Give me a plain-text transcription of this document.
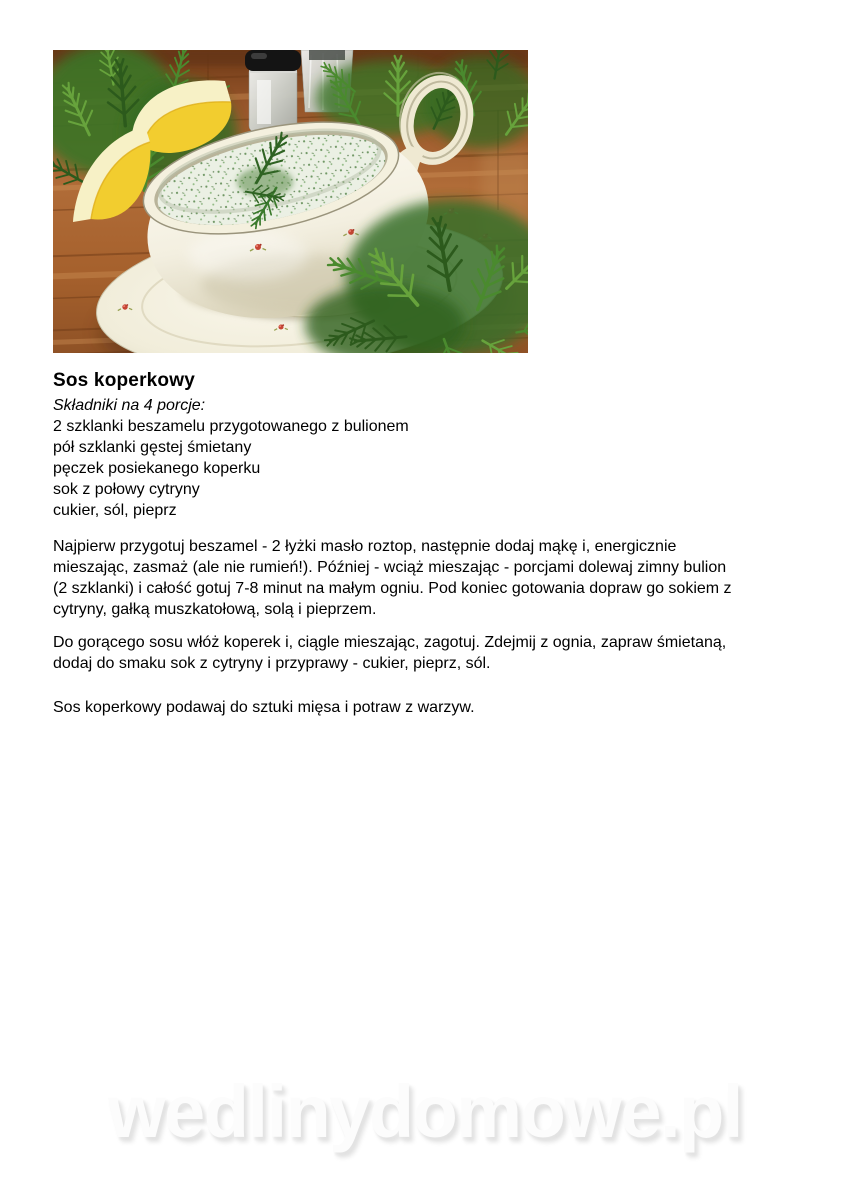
Sos koperkowy
Składniki na 4 porcje:
2 szklanki beszamelu przygotowanego z bulionem
pół szklanki gęstej śmietany
pęczek posiekanego koperku
sok z połowy cytryny
cukier, sól, pieprz
Najpierw przygotuj beszamel - 2 łyżki masło roztop, następnie dodaj mąkę i, energicznie
mieszając, zasmaż (ale nie rumień!). Później - wciąż mieszając - porcjami dolewaj zimny bulion
(2 szklanki) i całość gotuj 7-8 minut na małym ogniu. Pod koniec gotowania dopraw go sokiem z
cytryny, gałką muszkatołową, solą i pieprzem.
Do gorącego sosu włóż koperek i, ciągle mieszając, zagotuj. Zdejmij z ognia, zapraw śmietaną,
dodaj do smaku sok z cytryny i przyprawy - cukier, pieprz, sól.
Sos koperkowy podawaj do sztuki mięsa i potraw z warzyw.
wedlinydomowe.pl
